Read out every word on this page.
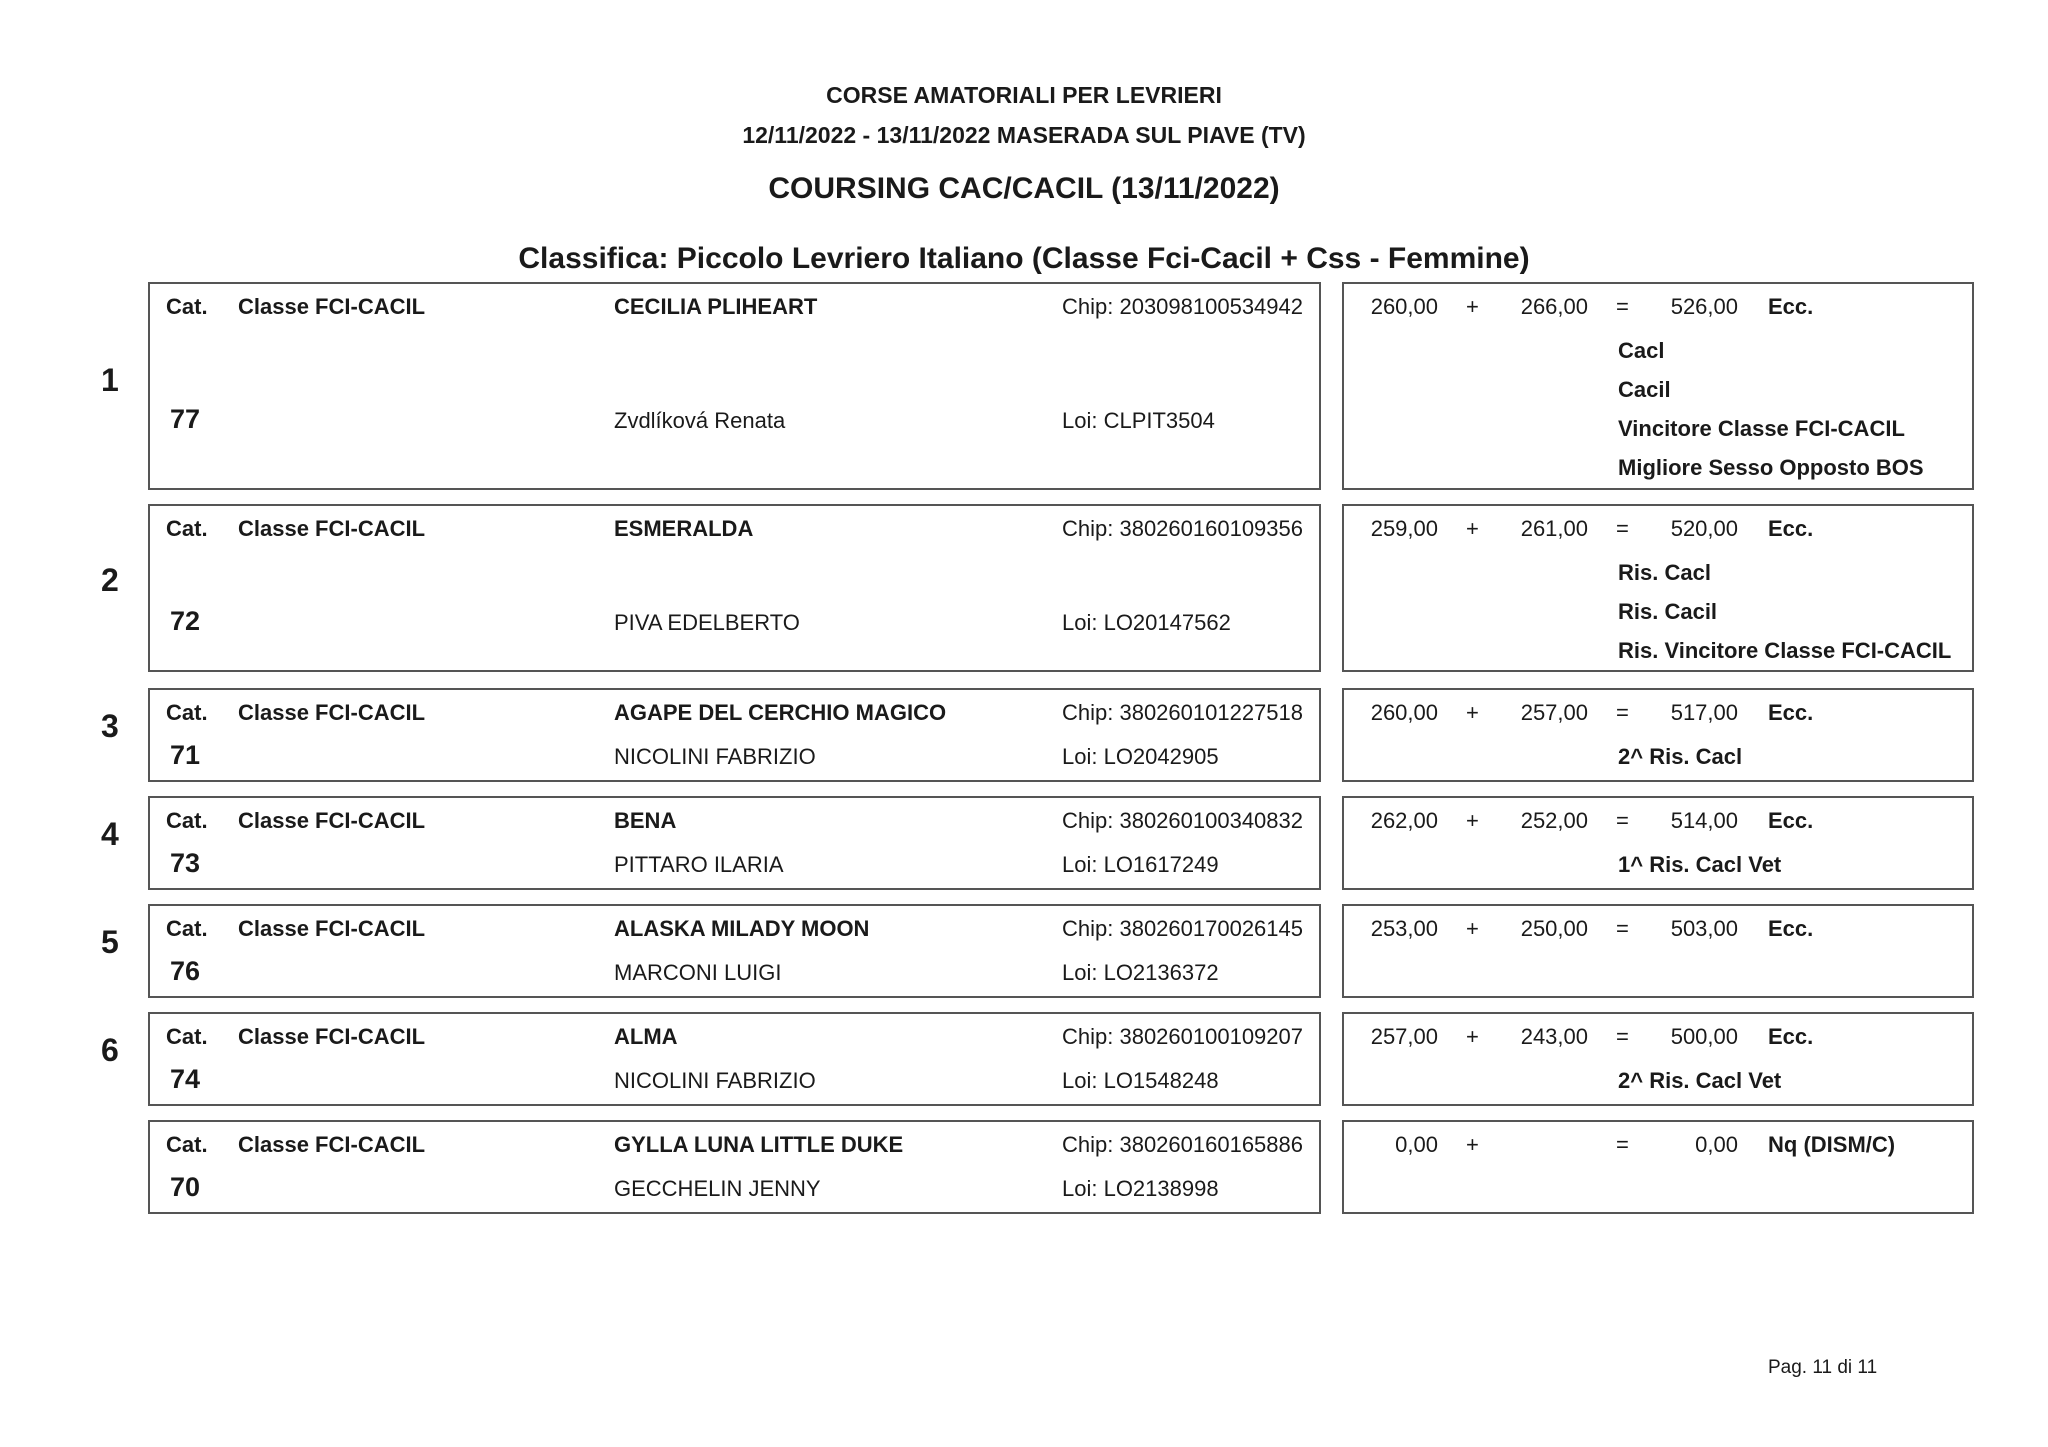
CORSE AMATORIALI PER LEVRIERI
12/11/2022 - 13/11/2022 MASERADA SUL PIAVE (TV)
COURSING CAC/CACIL (13/11/2022)
Classifica: Piccolo Levriero Italiano (Classe Fci-Cacil + Css - Femmine)
1
Cat. Classe FCI-CACIL	CECILIA PLIHEART	Chip: 203098100534942
77	Zvdlíková Renata	Loi: CLPIT3504
260,00 +	266,00 =	526,00 Ecc.
Cacl
Cacil
Vincitore Classe FCI-CACIL
Migliore Sesso Opposto BOS
2
Cat. Classe FCI-CACIL	ESMERALDA	Chip: 380260160109356
72	PIVA EDELBERTO	Loi: LO20147562
259,00 +	261,00 =	520,00 Ecc.
Ris. Cacl
Ris. Cacil
Ris. Vincitore Classe FCI-CACIL
3	Cat. Classe FCI-CACIL	AGAPE DEL CERCHIO MAGICO	Chip: 380260101227518
71	NICOLINI FABRIZIO	Loi: LO2042905
260,00 +	257,00 =	517,00 Ecc.
2^ Ris. Cacl
4	Cat. Classe FCI-CACIL	BENA	Chip: 380260100340832
73	PITTARO ILARIA	Loi: LO1617249
262,00 +	252,00 =	514,00 Ecc.
1^ Ris. Cacl Vet
5	Cat. Classe FCI-CACIL	ALASKA MILADY MOON	Chip: 380260170026145
76	MARCONI LUIGI	Loi: LO2136372
253,00 +	250,00 =	503,00 Ecc.
6	Cat. Classe FCI-CACIL	ALMA	Chip: 380260100109207
74	NICOLINI FABRIZIO	Loi: LO1548248
257,00 +	243,00 =	500,00 Ecc.
2^ Ris. Cacl Vet
Cat. Classe FCI-CACIL	GYLLA LUNA LITTLE DUKE	Chip: 380260160165886
70	GECCHELIN JENNY	Loi: LO2138998
0,00 +	=	0,00 Nq (DISM/C)
Pag. 11 di 11
